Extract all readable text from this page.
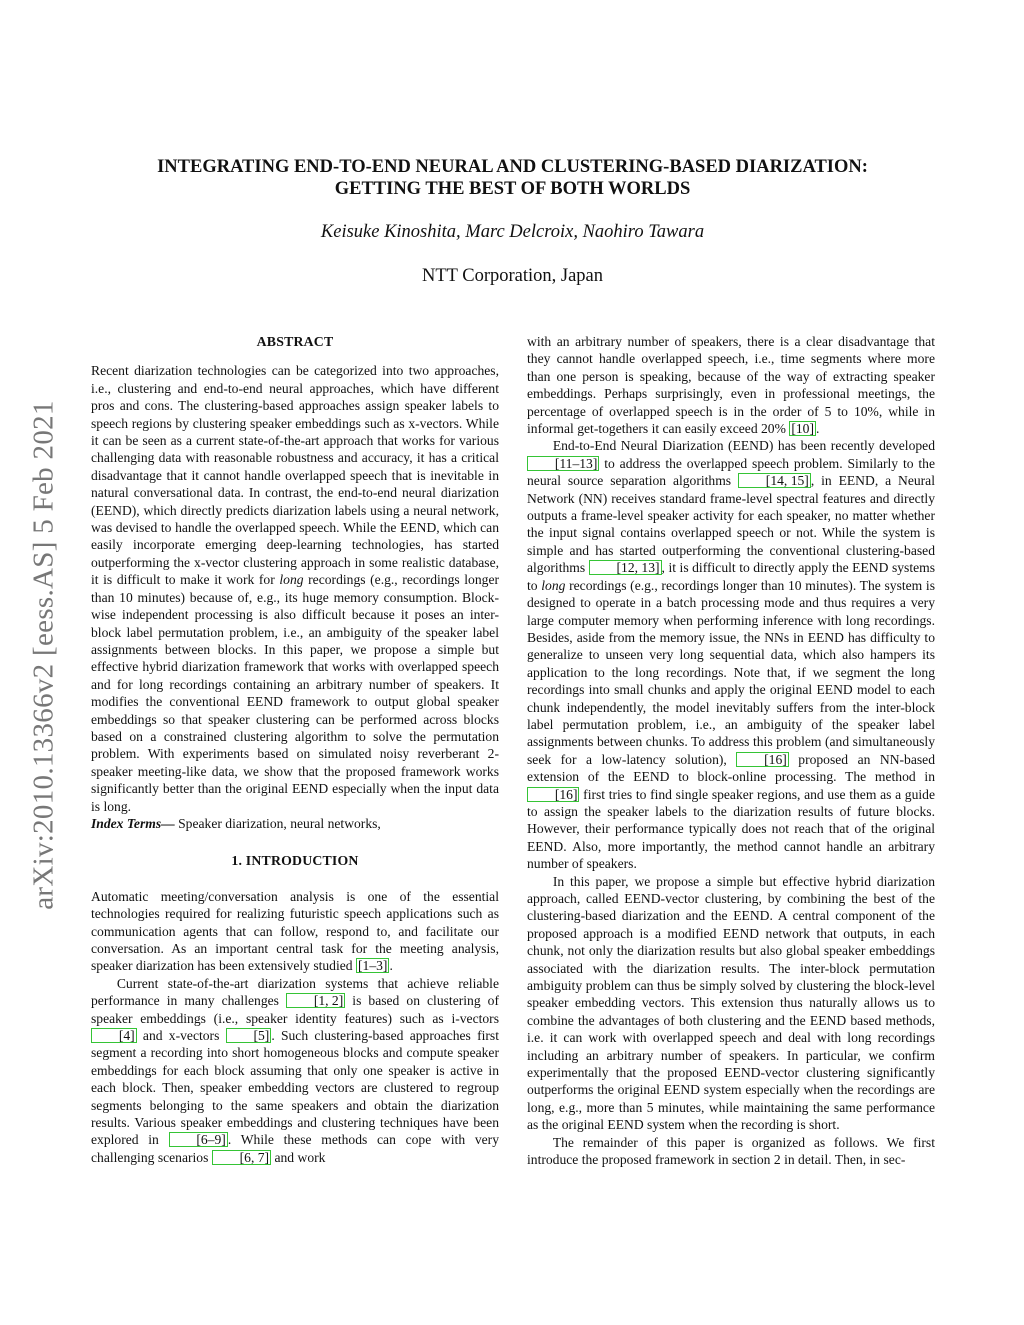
arXiv:2010.13366v2 [eess.AS] 5 Feb 2021
INTEGRATING END-TO-END NEURAL AND CLUSTERING-BASED DIARIZATION:
GETTING THE BEST OF BOTH WORLDS
Keisuke Kinoshita, Marc Delcroix, Naohiro Tawara
NTT Corporation, Japan
ABSTRACT

Recent diarization technologies can be categorized into two approaches, i.e., clustering and end-to-end neural approaches, which have different pros and cons. The clustering-based approaches assign speaker labels to speech regions by clustering speaker embeddings such as x-vectors. While it can be seen as a current state-of-the-art approach that works for various challenging data with reasonable robustness and accuracy, it has a critical disadvantage that it cannot handle overlapped speech that is inevitable in natural conversational data. In contrast, the end-to-end neural diarization (EEND), which directly predicts diarization labels using a neural network, was devised to handle the overlapped speech. While the EEND, which can easily incorporate emerging deep-learning technologies, has started outperforming the x-vector clustering approach in some realistic database, it is difficult to make it work for long recordings (e.g., recordings longer than 10 minutes) because of, e.g., its huge memory consumption. Block-wise independent processing is also difficult because it poses an inter-block label permutation problem, i.e., an ambiguity of the speaker label assignments between blocks. In this paper, we propose a simple but effective hybrid diarization framework that works with overlapped speech and for long recordings containing an arbitrary number of speakers. It modifies the conventional EEND framework to output global speaker embeddings so that speaker clustering can be performed across blocks based on a constrained clustering algorithm to solve the permutation problem. With experiments based on simulated noisy reverberant 2-speaker meeting-like data, we show that the proposed framework works significantly better than the original EEND especially when the input data is long.

Index Terms— Speaker diarization, neural networks,

1. INTRODUCTION

Automatic meeting/conversation analysis is one of the essential technologies required for realizing futuristic speech applications such as communication agents that can follow, respond to, and facilitate our conversation. As an important central task for the meeting analysis, speaker diarization has been extensively studied [1–3] .

Current state-of-the-art diarization systems that achieve reliable performance in many challenges [1, 2] is based on clustering of speaker embeddings (i.e., speaker identity features) such as i-vectors [4] and x-vectors [5] . Such clustering-based approaches first segment a recording into short homogeneous blocks and compute speaker embeddings for each block assuming that only one speaker is active in each block. Then, speaker embedding vectors are clustered to regroup segments belonging to the same speakers and obtain the diarization results. Various speaker embeddings and clustering techniques have been explored in [6–9] . While these methods can cope with very challenging scenarios [6, 7] and work

with an arbitrary number of speakers, there is a clear disadvantage that they cannot handle overlapped speech, i.e., time segments where more than one person is speaking, because of the way of extracting speaker embeddings. Perhaps surprisingly, even in professional meetings, the percentage of overlapped speech is in the order of 5 to 10%, while in informal get-togethers it can easily exceed 20% [10] .

End-to-End Neural Diarization (EEND) has been recently developed [11–13] to address the overlapped speech problem. Similarly to the neural source separation algorithms [14, 15] , in EEND, a Neural Network (NN) receives standard frame-level spectral features and directly outputs a frame-level speaker activity for each speaker, no matter whether the input signal contains overlapped speech or not. While the system is simple and has started outperforming the conventional clustering-based algorithms [12, 13] , it is difficult to directly apply the EEND systems to long recordings (e.g., recordings longer than 10 minutes). The system is designed to operate in a batch processing mode and thus requires a very large computer memory when performing inference with long recordings. Besides, aside from the memory issue, the NNs in EEND has difficulty to generalize to unseen very long sequential data, which also hampers its application to the long recordings. Note that, if we segment the long recordings into small chunks and apply the original EEND model to each chunk independently, the model inevitably suffers from the inter-block label permutation problem, i.e., an ambiguity of the speaker label assignments between chunks. To address this problem (and simultaneously seek for a low-latency solution), [16] proposed an NN-based extension of the EEND to block-online processing. The method in [16] first tries to find single speaker regions, and use them as a guide to assign the speaker labels to the diarization results of future blocks. However, their performance typically does not reach that of the original EEND. Also, more importantly, the method cannot handle an arbitrary number of speakers.

In this paper, we propose a simple but effective hybrid diarization approach, called EEND-vector clustering, by combining the best of the clustering-based diarization and the EEND. A central component of the proposed approach is a modified EEND network that outputs, in each chunk, not only the diarization results but also global speaker embeddings associated with the diarization results. The inter-block permutation ambiguity problem can thus be simply solved by clustering the block-level speaker embedding vectors. This extension thus naturally allows us to combine the advantages of both clustering and the EEND based methods, i.e. it can work with overlapped speech and deal with long recordings including an arbitrary number of speakers. In particular, we confirm experimentally that the proposed EEND-vector clustering significantly outperforms the original EEND system especially when the recordings are long, e.g., more than 5 minutes, while maintaining the same performance as the original EEND system when the recording is short.

The remainder of this paper is organized as follows. We first introduce the proposed framework in section 2 in detail. Then, in sec-
